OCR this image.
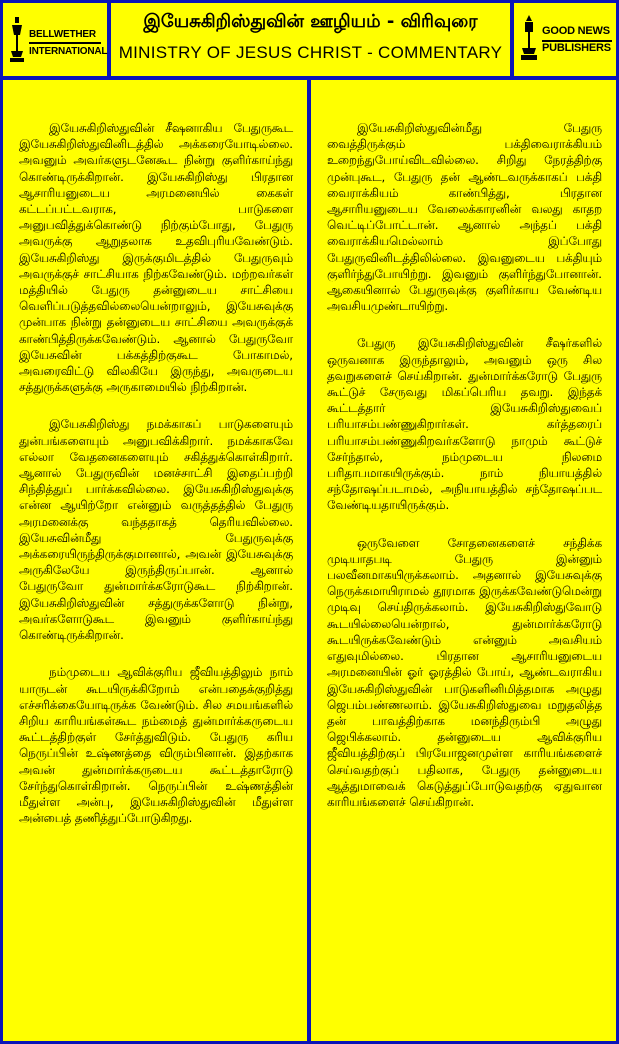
BELLWETHER
INTERNATIONAL
இயேசுகிறிஸ்துவின் ஊழியம் - விரிவுரை
MINISTRY OF JESUS CHRIST - COMMENTARY
GOOD NEWS
PUBLISHERS

இயேசுகிறிஸ்துவின் சீஷனாகிய பேதுருகூட இயேசுகிறிஸ்துவினிடத்தில் அக்கரையோடில்லை. அவனும் அவர்களுடனேகூட நின்று குளிர்காய்ந்து கொண்டிருக்கிறான். இயேசுகிறிஸ்து பிரதான ஆசாரியனுடைய அரமனையில் கைகள் கட்டப்பட்டவராக, பாடுகளை அனுபவித்துக்கொண்டு நிற்கும்போது, பேதுரு அவருக்கு ஆறுதலாக உதவிபுரியவேண்டும். இயேசுகிறிஸ்து இருக்குமிடத்தில் பேதுருவும் அவருக்குச் சாட்சியாக நிற்கவேண்டும். மற்றவர்கள் மத்தியில் பேதுரு தன்னுடைய சாட்சியை வெளிப்படுத்தவில்லையென்றாலும், இயேசுவுக்கு முன்பாக நின்று தன்னுடைய சாட்சியை அவருக்குக் காண்பித்திருக்கவேண்டும். ஆனால் பேதுருவோ இயேசுவின் பக்கத்திற்குகூட போகாமல், அவரைவிட்டு விலகியே இருந்து, அவருடைய சத்துருக்களுக்கு அருகாமையில் நிற்கிறான்.

இயேசுகிறிஸ்து நமக்காகப் பாடுகளையும் துன்பங்களையும் அனுபவிக்கிறார். நமக்காகவே எல்லா வேதனைகளையும் சகித்துக்கொள்கிறார். ஆனால் பேதுருவின் மனச்சாட்சி இதைப்பற்றி சிந்தித்துப் பார்க்கவில்லை. இயேசுகிறிஸ்துவுக்கு என்ன ஆயிற்றோ என்னும் வருத்தத்தில் பேதுரு அரமனைக்கு வந்ததாகத் தெரியவில்லை. இயேசுவின்மீது பேதுருவுக்கு அக்கரையிருந்திருக்குமானால், அவன் இயேசுவுக்கு அருகிலேயே இருந்திருப்பான். ஆனால் பேதுருவோ துன்மார்க்கரோடுகூட நிற்கிறான். இயேசுகிறிஸ்துவின் சத்துருக்களோடு நின்று, அவர்களோடுகூட இவனும் குளிர்காய்ந்து கொண்டிருக்கிறான்.

நம்முடைய ஆவிக்குரிய ஜீவியத்திலும் நாம் யாருடன் கூடயிருக்கிறோம் என்பதைக்குறித்து எச்சரிக்கையோடிருக்க வேண்டும். சில சமயங்களில் சிறிய காரியங்கள்கூட நம்மைத் துன்மார்க்கருடைய கூட்டத்திற்குள் சேர்த்துவிடும். பேதுரு கரிய நெருப்பின் உஷ்ணத்தை விரும்பினான். இதற்காக அவன் துன்மார்க்கருடைய கூட்டத்தாரோடு சேர்ந்துகொள்கிறான். நெருப்பின் உஷ்ணத்தின் மீதுள்ள அன்பு, இயேசுகிறிஸ்துவின் மீதுள்ள அன்பைத் தணித்துப்போடுகிறது.

இயேசுகிறிஸ்துவின்மீது பேதுரு வைத்திருக்கும் பக்திவைராக்கியம் உறைந்துபோய்விடவில்லை. சிறிது நேரத்திற்கு முன்புகூட, பேதுரு தன் ஆண்டவருக்காகப் பக்தி வைராக்கியம் காண்பித்து, பிரதான ஆசாரியனுடைய வேலைக்காரனின் வலது காதற வெட்டிப்போட்டான். ஆனால் அந்தப் பக்தி வைராக்கியமெல்லாம் இப்போது பேதுருவினிடத்திலில்லை. இவனுடைய பக்தியும் குளிர்ந்துபோயிற்று. இவனும் குளிர்ந்துபோனான். ஆகையினால் பேதுருவுக்கு குளிர்காய வேண்டிய அவசியமுண்டாயிற்று.

பேதுரு இயேசுகிறிஸ்துவின் சீஷர்களில் ஒருவனாக இருந்தாலும், அவனும் ஒரு சில தவறுகளைச் செய்கிறான். துன்மார்க்கரோடு பேதுரு கூட்டுச் சேருவது மிகப்பெரிய தவறு. இந்தக் கூட்டத்தார் இயேசுகிறிஸ்துவைப் பரியாசம்பண்ணுகிறார்கள். கர்த்தரைப் பரியாசம்பண்ணுகிறவர்களோடு நாமும் கூட்டுச் சேர்ந்தால், நம்முடைய நிலமை பரிதாபமாகயிருக்கும். நாம் நியாயத்தில் சந்தோஷப்படாமல், அநியாயத்தில் சந்தோஷப்பட வேண்டியதாயிருக்கும்.

ஒருவேளை சோதனைகளைச் சந்திக்க முடியாதபடி பேதுரு இன்னும் பலவீனமாகயிருக்கலாம். அதனால் இயேசுவுக்கு நெருக்கமாயிராமல் தூரமாக இருக்கவேண்டுமென்று முடிவு செய்திருக்கலாம். இயேசுகிறிஸ்துவோடு கூடயில்லையென்றால், துன்மார்க்கரோடு கூடயிருக்கவேண்டும் என்னும் அவசியம் எதுவுமில்லை. பிரதான ஆசாரியனுடைய அரமனையின் ஓர் ஓரத்தில் போய், ஆண்டவராகிய இயேசுகிறிஸ்துவின் பாடுகளினிமித்தமாக அழுது ஜெபம்பண்ணலாம். இயேசுகிறிஸ்துவை மறுதலித்த தன் பாவத்திற்காக மனந்திரும்பி அழுது ஜெபிக்கலாம். தன்னுடைய ஆவிக்குரிய ஜீவியத்திற்குப் பிரயோஜனமுள்ள காரியங்களைச் செய்வதற்குப் பதிலாக, பேதுரு தன்னுடைய ஆத்துமாவைக் கெடுத்துப்போடுவதற்கு ஏதுவான காரியங்களைச் செய்கிறான்.
